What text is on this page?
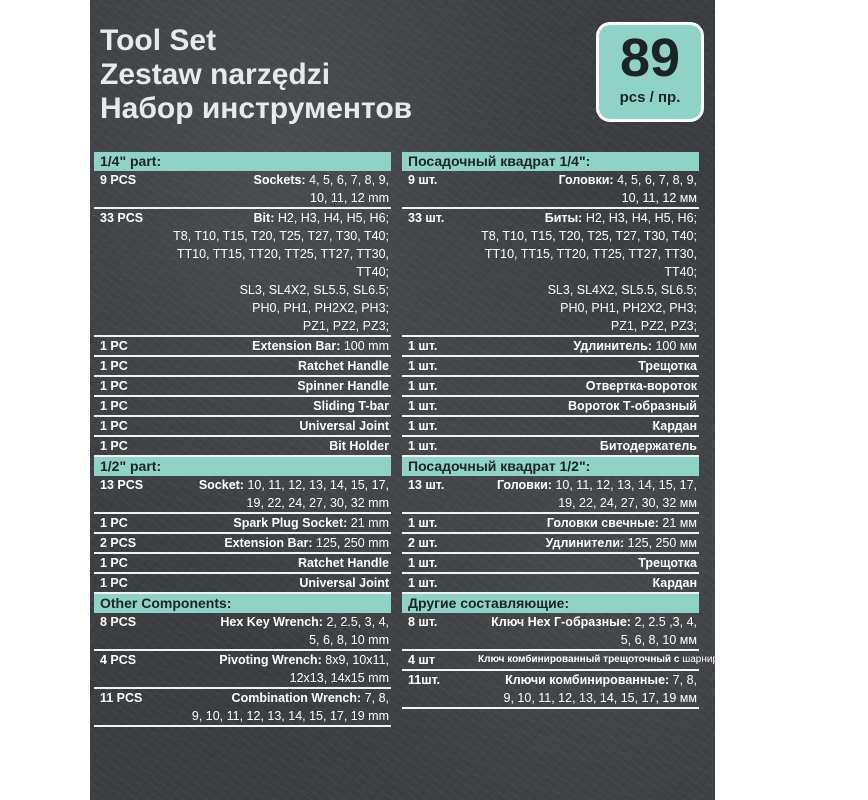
Tool Set
Zestaw narzędzi
Набор инструментов
89
pcs / пр.
1/4" part:
9 PCS	Sockets: 4, 5, 6, 7, 8, 9,
10, 11, 12 mm
33 PCS	Bit: H2, H3, H4, H5, H6;
T8, T10, T15, T20, T25, T27, T30, T40;
TT10, TT15, TT20, TT25, TT27, TT30,
TT40;
SL3, SL4X2, SL5.5, SL6.5;
PH0, PH1, PH2X2, PH3;
PZ1, PZ2, PZ3;
1 PC	Extension Bar: 100 mm
1 PC	Ratchet Handle
1 PC	Spinner Handle
1 PC	Sliding T-bar
1 PC	Universal Joint
1 PC	Bit Holder
1/2" part:
13 PCS	Socket: 10, 11, 12, 13, 14, 15, 17,
19, 22, 24, 27, 30, 32 mm
1 PC	Spark Plug Socket: 21 mm
2 PCS	Extension Bar: 125, 250 mm
1 PC	Ratchet Handle
1 PC	Universal Joint
Other Components:
8 PCS	Hex Key Wrench: 2, 2.5, 3, 4,
5, 6, 8, 10 mm
4 PCS	Pivoting Wrench: 8x9, 10x11,
12x13, 14x15 mm
11 PCS	Combination Wrench: 7, 8,
9, 10, 11, 12, 13, 14, 15, 17, 19 mm
Посадочный квадрат 1/4":
9 шт.	Головки: 4, 5, 6, 7, 8, 9,
10, 11, 12 мм
33 шт.	Биты: H2, H3, H4, H5, H6;
T8, T10, T15, T20, T25, T27, T30, T40;
TT10, TT15, TT20, TT25, TT27, TT30,
TT40;
SL3, SL4X2, SL5.5, SL6.5;
PH0, PH1, PH2X2, PH3;
PZ1, PZ2, PZ3;
1 шт.	Удлинитель: 100 мм
1 шт.	Трещотка
1 шт.	Отвертка-вороток
1 шт.	Вороток Т-образный
1 шт.	Кардан
1 шт.	Битодержатель
Посадочный квадрат 1/2":
13 шт.	Головки: 10, 11, 12, 13, 14, 15, 17,
19, 22, 24, 27, 30, 32 мм
1 шт.	Головки свечные: 21 мм
2 шт.	Удлинители: 125, 250 мм
1 шт.	Трещотка
1 шт.	Кардан
Другие составляющие:
8 шт.	Ключ Hex Г-образные: 2, 2.5 ,3, 4,
5, 6, 8, 10 мм
4 шт	Ключ комбинированный трещоточный с шарниром: 8x9, 10x11, 12x13, 14x15 мм
11шт.	Ключи комбинированные: 7, 8,
9, 10, 11, 12, 13, 14, 15, 17, 19 мм
